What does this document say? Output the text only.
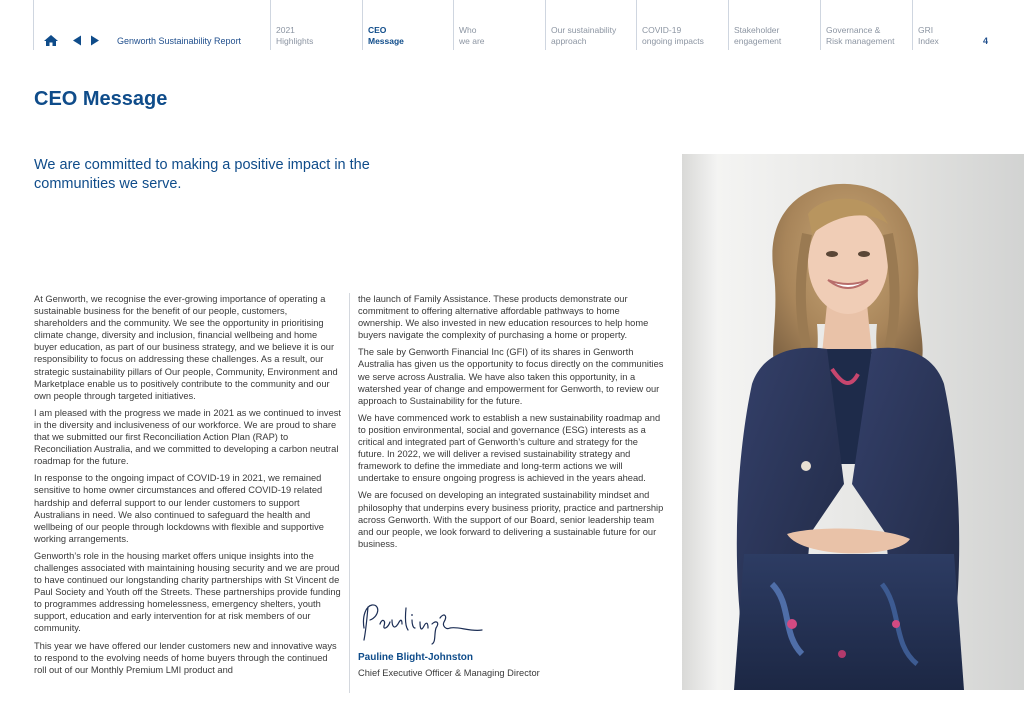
Genworth Sustainability Report
2021
Highlights
CEO
Message
Who
we are
Our sustainability
approach
COVID-19
ongoing impacts
Stakeholder
engagement
Governance &
Risk management
GRI
Index	4
CEO Message

We are committed to making a positive impact in the communities we serve.

At Genworth, we recognise the ever-growing importance of operating a sustainable business for the benefit of our people, customers, shareholders and the community. We see the opportunity in prioritising climate change, diversity and inclusion, financial wellbeing and home buyer education, as part of our business strategy, and we believe it is our responsibility to focus on addressing these challenges. As a result, our strategic sustainability pillars of Our people, Community, Environment and Marketplace enable us to positively contribute to the community and our own people through targeted initiatives.

I am pleased with the progress we made in 2021 as we continued to invest in the diversity and inclusiveness of our workforce. We are proud to share that we submitted our first Reconciliation Action Plan (RAP) to Reconciliation Australia, and we committed to developing a carbon neutral roadmap for the future.

In response to the ongoing impact of COVID-19 in 2021, we remained sensitive to home owner circumstances and offered COVID-19 related hardship and deferral support to our lender customers to support Australians in need. We also continued to safeguard the health and wellbeing of our people through lockdowns with flexible and supportive working arrangements.

Genworth’s role in the housing market offers unique insights into the challenges associated with maintaining housing security and we are proud to have continued our longstanding charity partnerships with St Vincent de Paul Society and Youth off the Streets. These partnerships provide funding to programmes addressing homelessness, emergency shelters, youth support, education and early intervention for at risk members of our community.

This year we have offered our lender customers new and innovative ways to respond to the evolving needs of home buyers through the continued roll out of our Monthly Premium LMI product and

the launch of Family Assistance. These products demonstrate our commitment to offering alternative affordable pathways to home ownership. We also invested in new education resources to help home buyers navigate the complexity of purchasing a home or property.

The sale by Genworth Financial Inc (GFI) of its shares in Genworth Australia has given us the opportunity to focus directly on the communities we serve across Australia. We have also taken this opportunity, in a watershed year of change and empowerment for Genworth, to review our approach to Sustainability for the future.

We have commenced work to establish a new sustainability roadmap and to position environmental, social and governance (ESG) interests as a critical and integrated part of Genworth’s culture and strategy for the future. In 2022, we will deliver a revised sustainability strategy and framework to define the immediate and long-term actions we will undertake to ensure ongoing progress is achieved in the years ahead.

We are focused on developing an integrated sustainability mindset and philosophy that underpins every business priority, practice and partnership across Genworth. With the support of our Board, senior leadership team and our people, we look forward to delivering a sustainable future for our business.

Pauline Blight-Johnston
Chief Executive Officer & Managing Director
